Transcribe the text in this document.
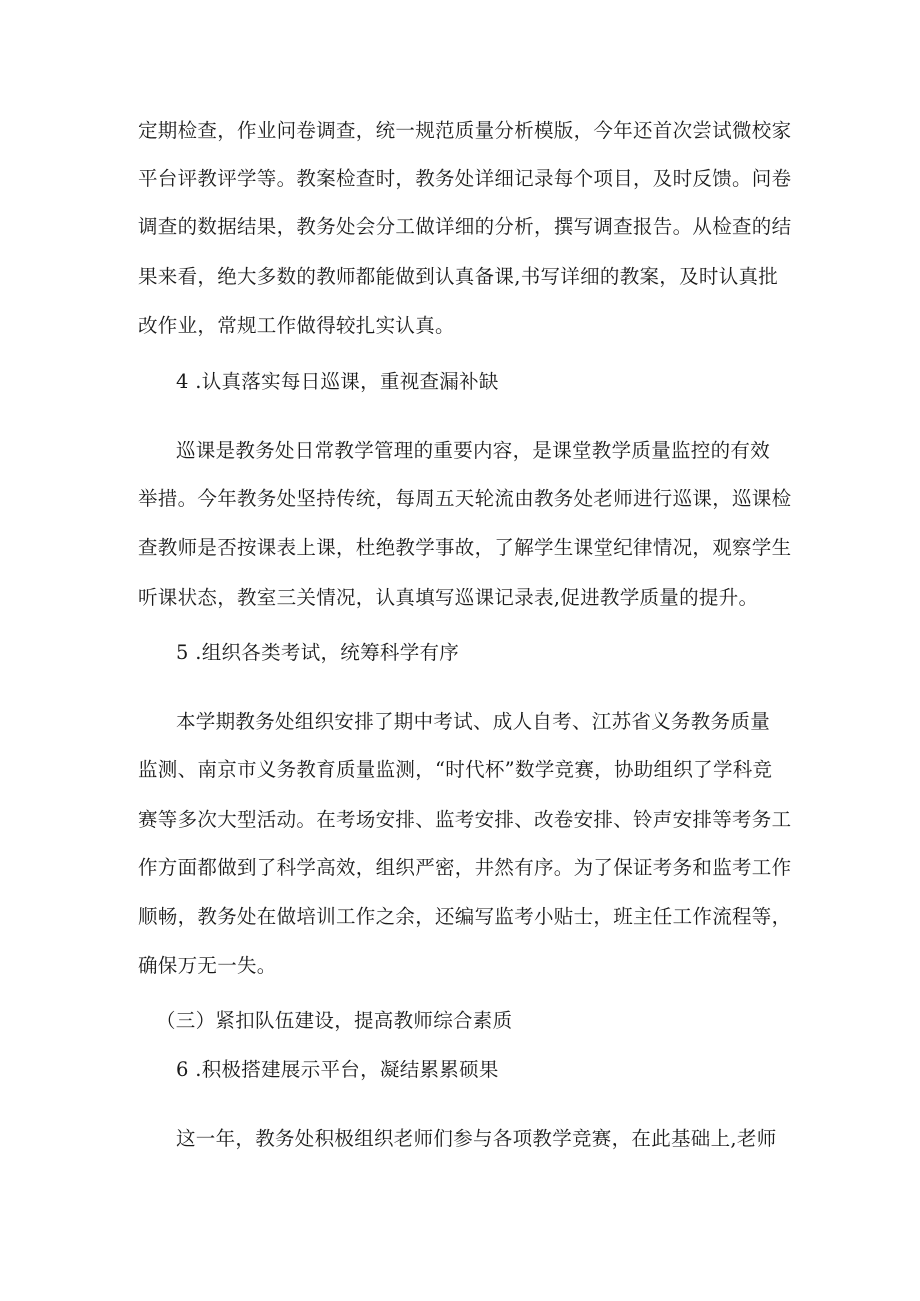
定期检查，作业问卷调查，统一规范质量分析模版，今年还首次尝试微校家
平台评教评学等。教案检查时，教务处详细记录每个项目，及时反馈。问卷
调查的数据结果，教务处会分工做详细的分析，撰写调查报告。从检查的结
果来看，绝大多数的教师都能做到认真备课,书写详细的教案，及时认真批
改作业，常规工作做得较扎实认真。
4 .认真落实每日巡课，重视查漏补缺
巡课是教务处日常教学管理的重要内容，是课堂教学质量监控的有效
举措。今年教务处坚持传统，每周五天轮流由教务处老师进行巡课，巡课检
查教师是否按课表上课，杜绝教学事故，了解学生课堂纪律情况，观察学生
听课状态，教室三关情况，认真填写巡课记录表,促进教学质量的提升。
5 .组织各类考试，统筹科学有序
本学期教务处组织安排了期中考试、成人自考、江苏省义务教务质量
监测、南京市义务教育质量监测，“时代杯”数学竞赛，协助组织了学科竞
赛等多次大型活动。在考场安排、监考安排、改卷安排、铃声安排等考务工
作方面都做到了科学高效，组织严密，井然有序。为了保证考务和监考工作
顺畅，教务处在做培训工作之余，还编写监考小贴士，班主任工作流程等，
确保万无一失。
（三）紧扣队伍建设，提高教师综合素质
6 .积极搭建展示平台，凝结累累硕果
这一年，教务处积极组织老师们参与各项教学竞赛，在此基础上,老师
